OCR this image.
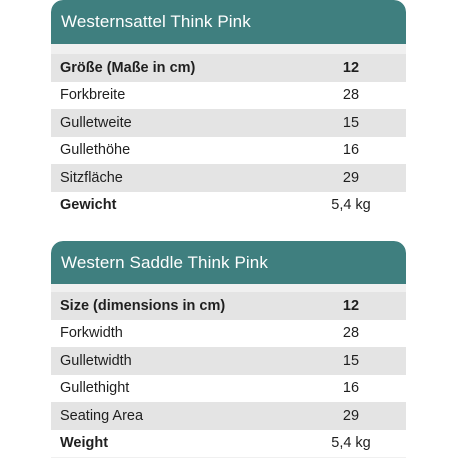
Westernsattel Think Pink
Größe (Maße in cm)	12
Forkbreite	28
Gulletweite	15
Gullethöhe	16
Sitzfläche	29
Gewicht	5,4 kg
Western Saddle Think Pink
Size (dimensions in cm)	12
Forkwidth	28
Gulletwidth	15
Gullethight	16
Seating Area	29
Weight	5,4 kg
